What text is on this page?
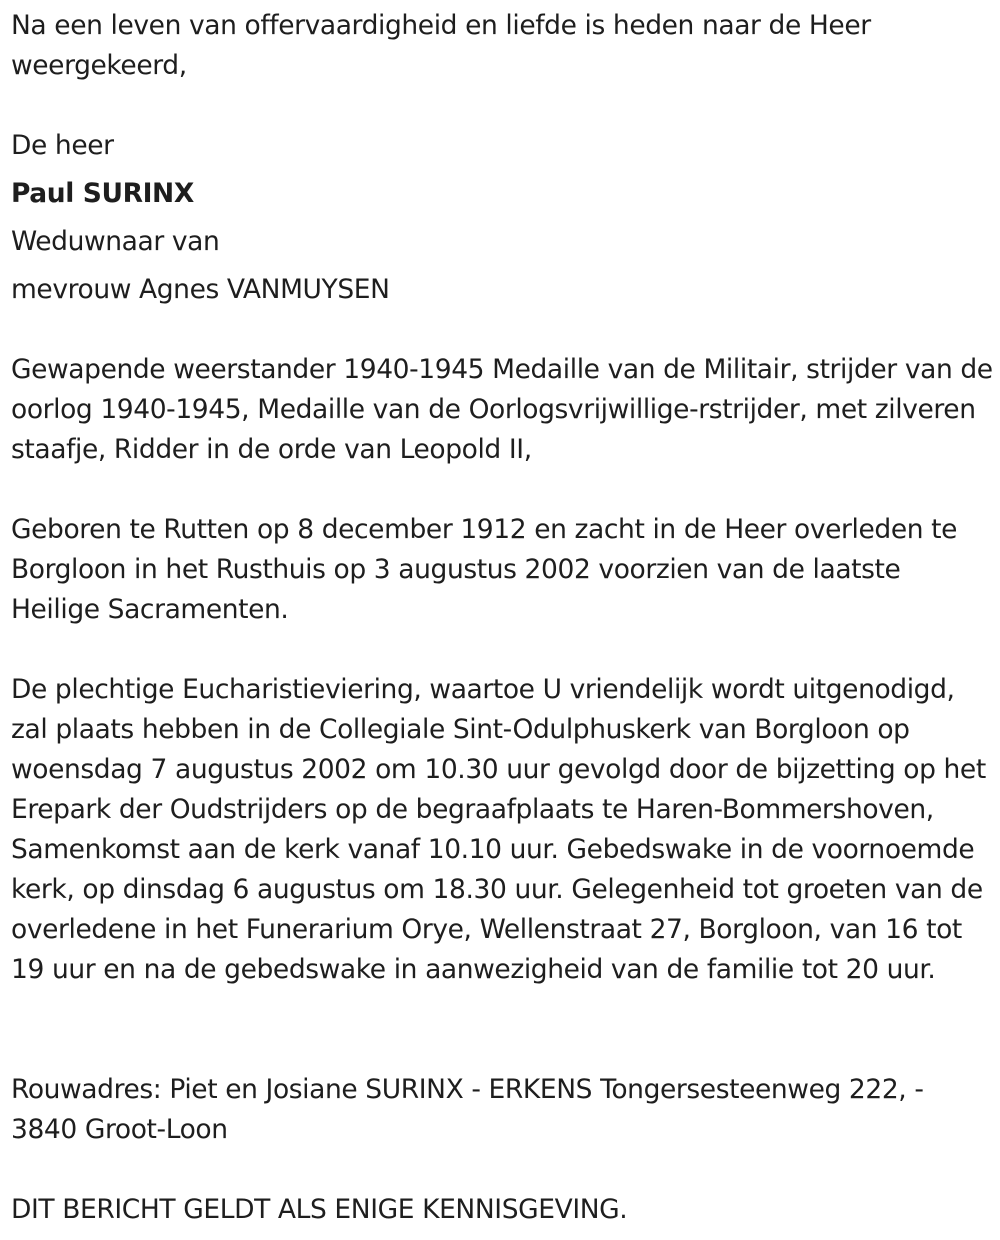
Na een leven van offervaardigheid en liefde is heden naar de Heer weergekeerd,

De heer
Paul SURINX
Weduwnaar van
mevrouw Agnes VANMUYSEN

Gewapende weerstander 1940-1945 Medaille van de Militair, strijder van de oorlog 1940-1945, Medaille van de Oorlogsvrijwillige-rstrijder, met zilveren staafje, Ridder in de orde van Leopold II,

Geboren te Rutten op 8 december 1912 en zacht in de Heer overleden te Borgloon in het Rusthuis op 3 augustus 2002 voorzien van de laatste Heilige Sacramenten.

De plechtige Eucharistieviering, waartoe U vriendelijk wordt uitgenodigd, zal plaats hebben in de Collegiale Sint-Odulphuskerk van Borgloon op woensdag 7 augustus 2002 om 10.30 uur gevolgd door de bijzetting op het Erepark der Oudstrijders op de begraafplaats te Haren-Bommershoven, Samenkomst aan de kerk vanaf 10.10 uur. Gebedswake in de voornoemde kerk, op dinsdag 6 augustus om 18.30 uur. Gelegenheid tot groeten van de overledene in het Funerarium Orye, Wellenstraat 27, Borgloon, van 16 tot 19 uur en na de gebedswake in aanwezigheid van de familie tot 20 uur.

Rouwadres: Piet en Josiane SURINX - ERKENS Tongersesteenweg 222, - 3840 Groot-Loon

DIT BERICHT GELDT ALS ENIGE KENNISGEVING.
